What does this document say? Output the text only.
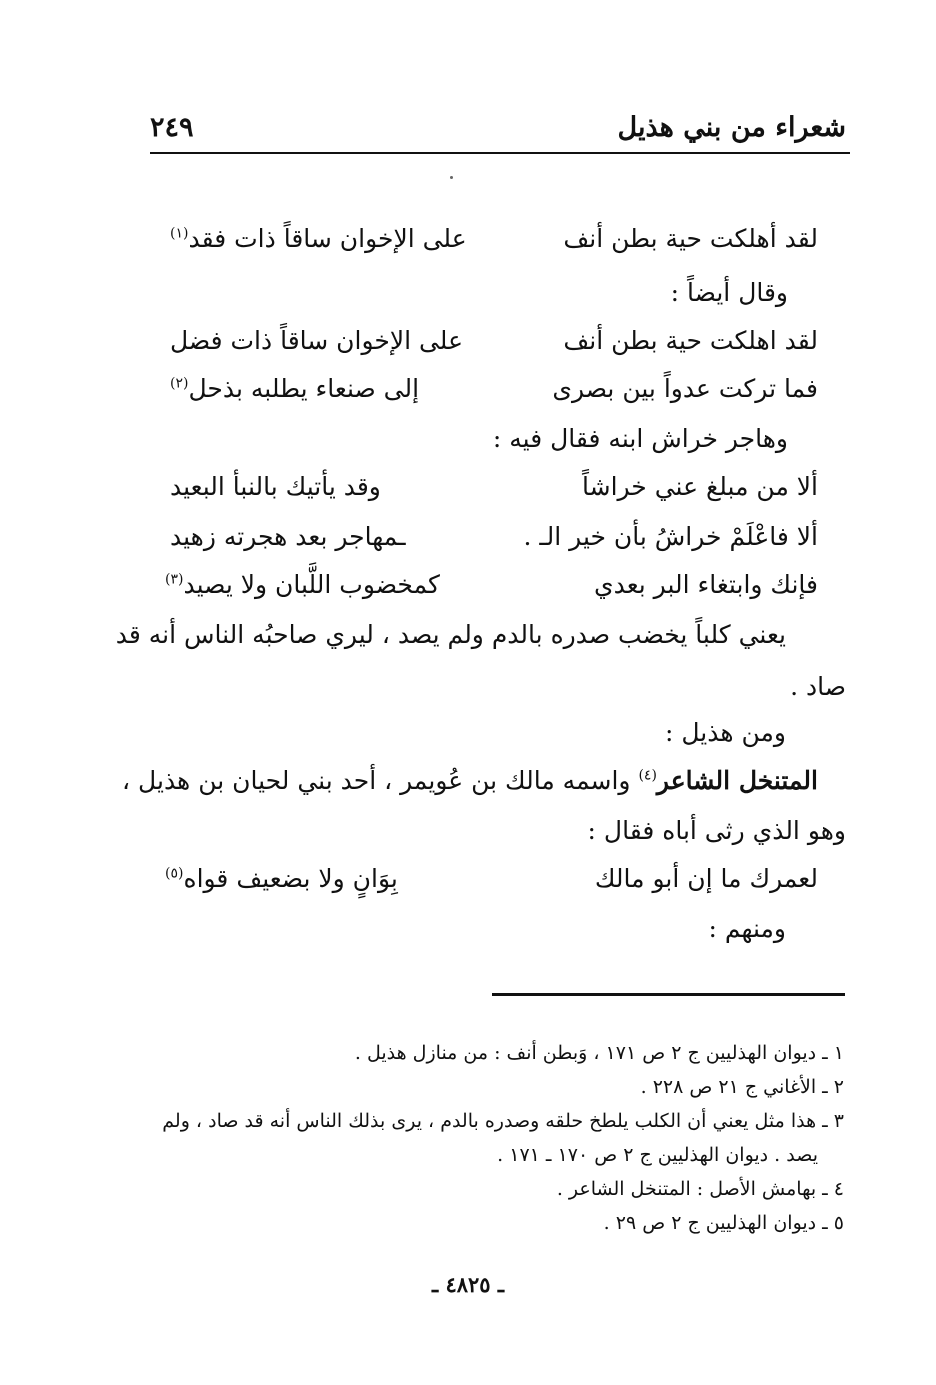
شعراء من بني هذيل
٢٤٩
لقد أهلكت حية بطن أنف
على الإخوان ساقاً ذات فقد$^{(١)}$
وقال أيضاً :
لقد اهلكت حية بطن أنف
على الإخوان ساقاً ذات فضل
فما تركت عدواً بين بصرى
إلى صنعاء يطلبه بذحل$^{(٢)}$
وهاجر خراش ابنه فقال فيه :
ألا من مبلغ عني خراشاً
وقد يأتيك بالنبأ البعيد
ألا فاعْلَمْ خراشُ بأن خير الـ .
ـمهاجر بعد هجرته زهيد
فإنك وابتغاء البر بعدي
كمخضوب اللَّبان ولا يصيد$^{(٣)}$
يعني كلباً يخضب صدره بالدم ولم يصد ، ليري صاحبُه الناس أنه قد
صاد .
ومن هذيل :
المتنخل الشاعر$^{(٤)}$ واسمه مالك بن عُويمر ، أحد بني لحيان بن هذيل ،
وهو الذي رثى أباه فقال :
لعمرك ما إن أبو مالك
بِوَانٍ ولا بضعيف قواه$^{(٥)}$
ومنهم :
١ ـ ديوان الهذليين ج ٢ ص ١٧١ ، وَبطن أنف : من منازل هذيل .
٢ ـ الأغاني ج ٢١ ص ٢٢٨ .
٣ ـ هذا مثل يعني أن الكلب يلطخ حلقه وصدره بالدم ، يرى بذلك الناس أنه قد صاد ، ولم
يصد . ديوان الهذليين ج ٢ ص ١٧٠ ـ ١٧١ .
٤ ـ بهامش الأصل : المتنخل الشاعر .
٥ ـ ديوان الهذليين ج ٢ ص ٢٩ .
ـ ٤٨٢٥ ـ
